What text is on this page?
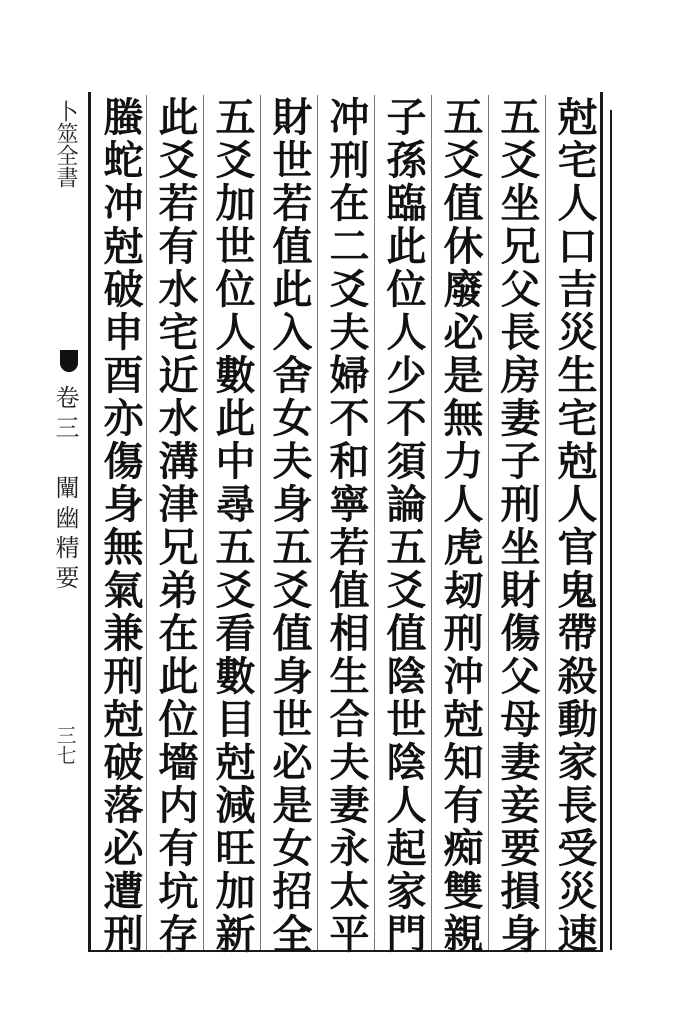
卜筮全書
卷三　闡幽精要
三七	尅宅人口吉災生宅尅人官鬼帶殺動家長受災速
五爻坐兄父長房妻子刑坐財傷父母妻妾要損身
五爻值休廢必是無力人虎刼刑沖尅知有痴雙親
子孫臨此位人少不須論五爻值陰世陰人起家門
冲刑在二爻夫婦不和寧若值相生合夫妻永太平
財世若值此入舍女夫身五爻值身世必是女招全
五爻加世位人數此中尋五爻看數目尅減旺加新
此爻若有水宅近水溝津兄弟在此位墻内有坑存
螣蛇冲尅破申酉亦傷身無氣兼刑尅破落必遭刑
